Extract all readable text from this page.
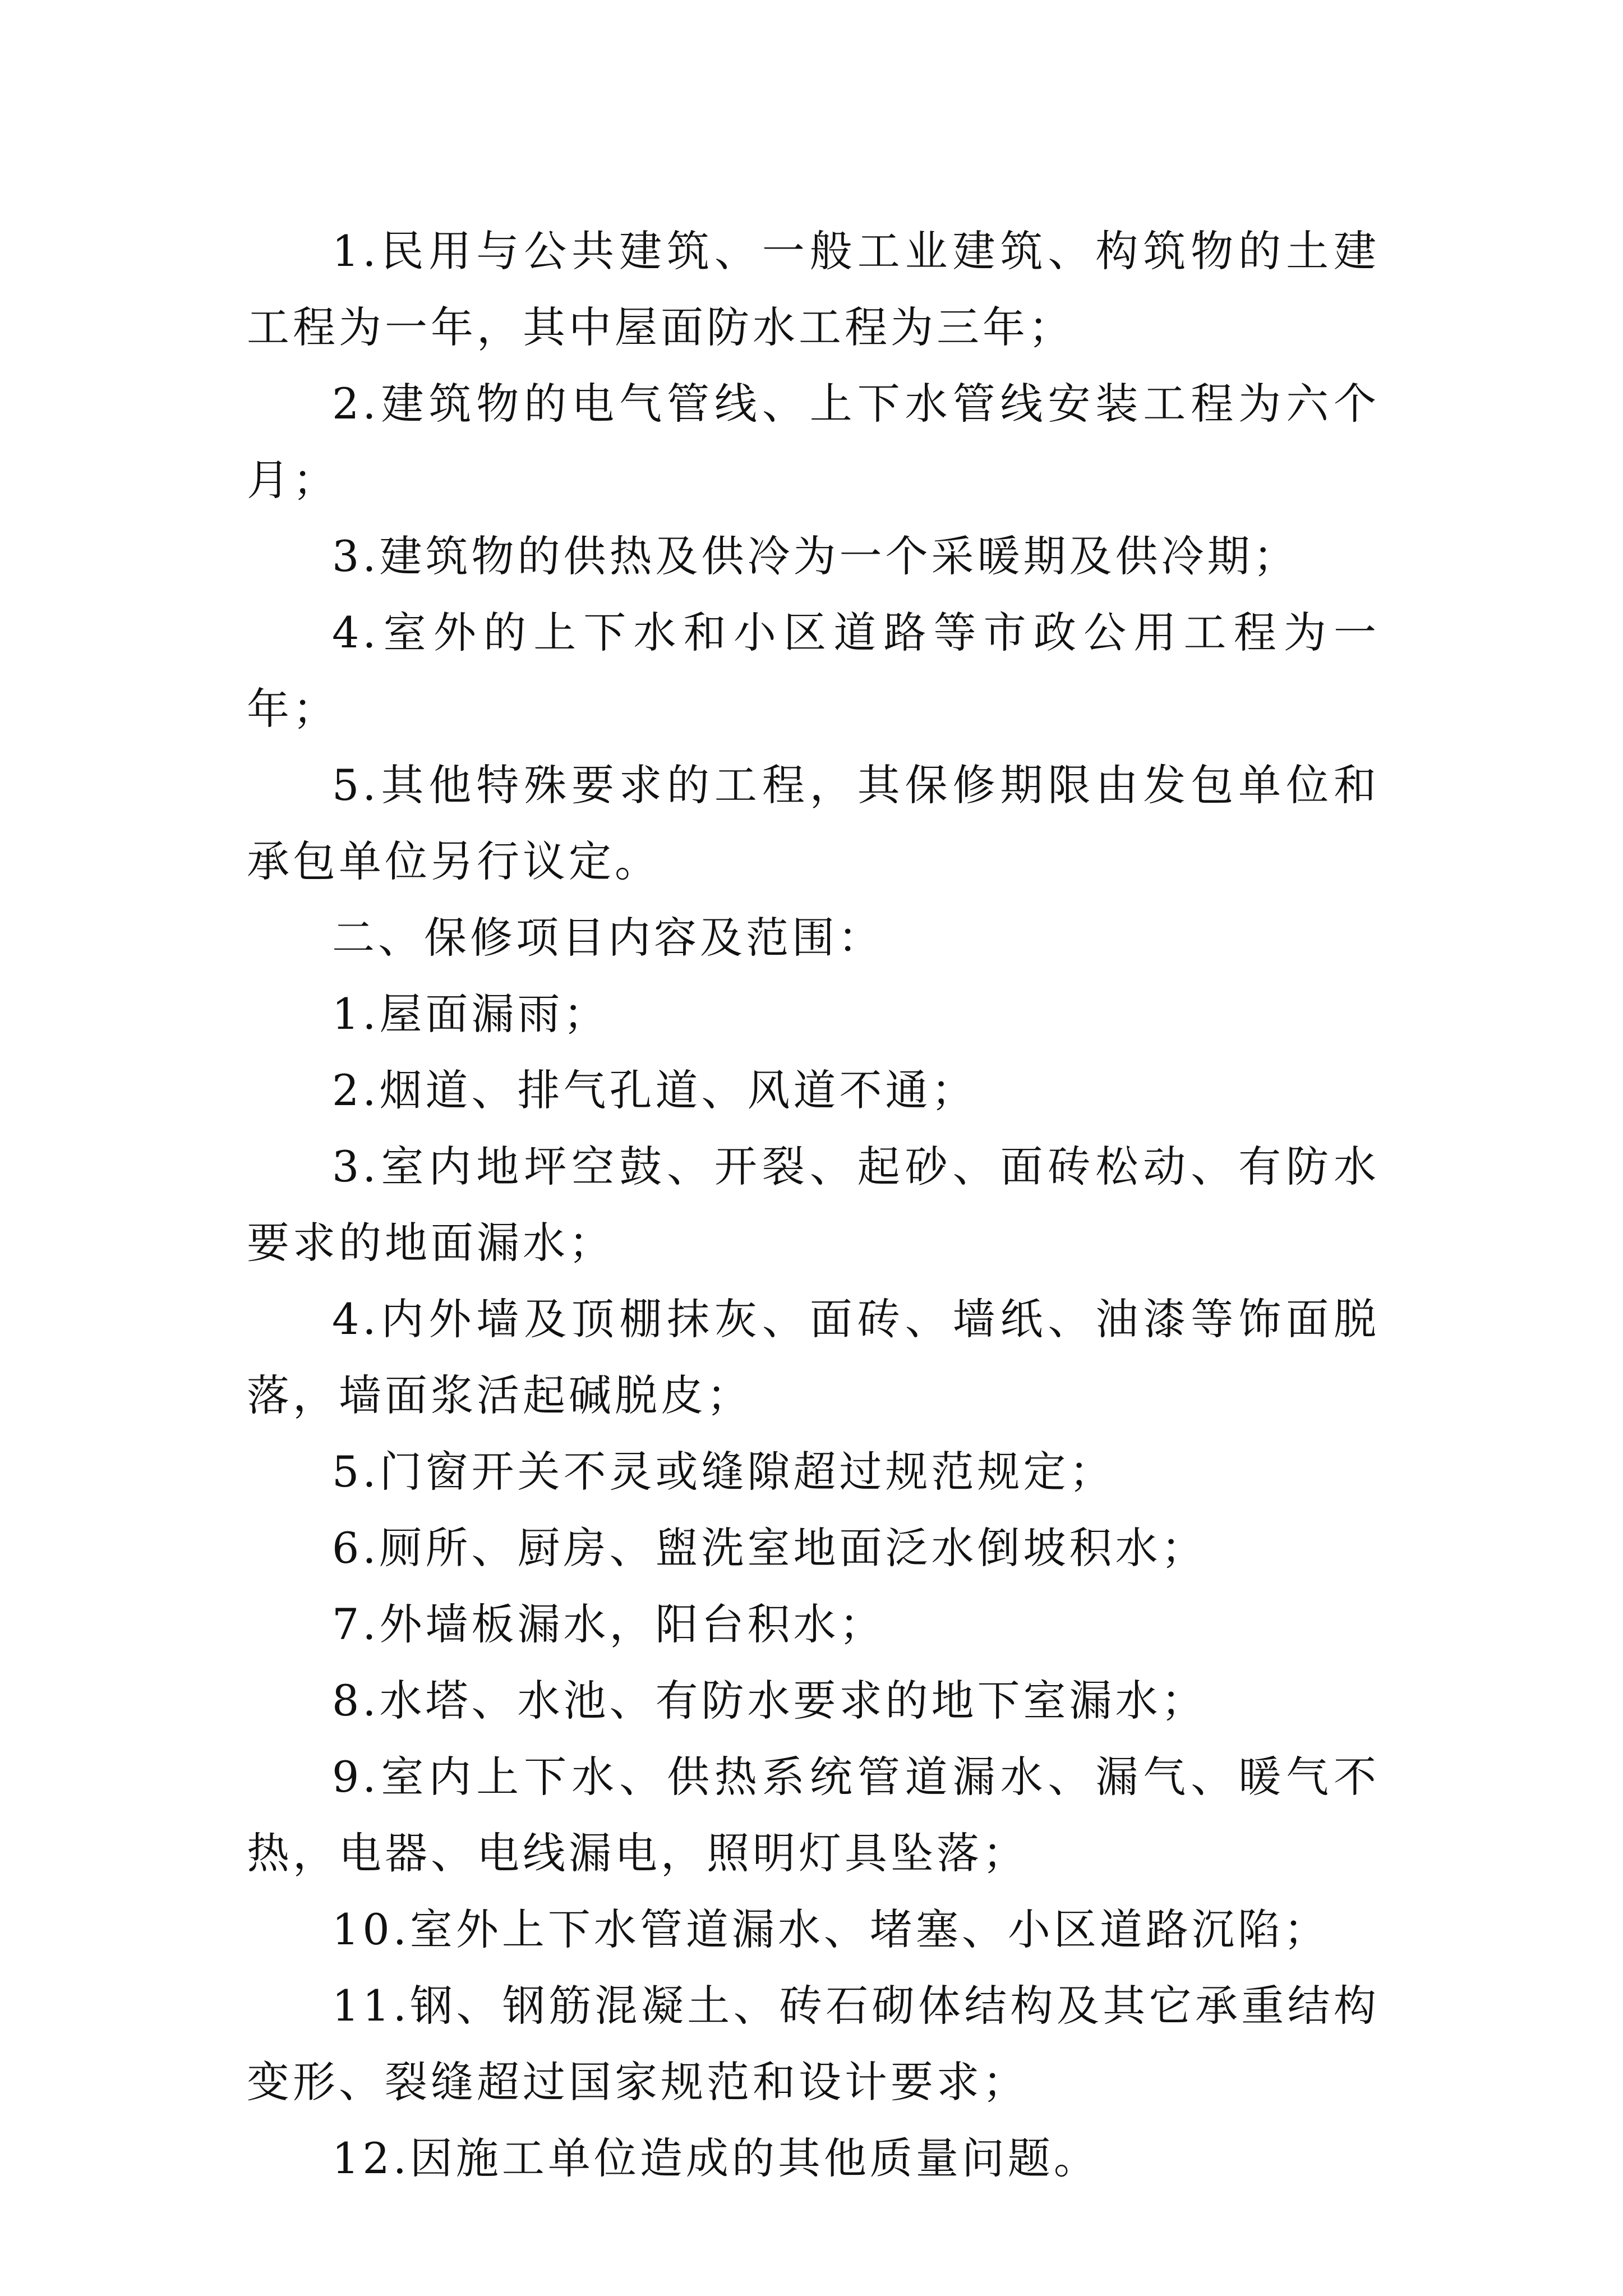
1.民用与公共建筑、一般工业建筑、构筑物的土建工程为一年，其中屋面防水工程为三年；

2.建筑物的电气管线、上下水管线安装工程为六个月；

3.建筑物的供热及供冷为一个采暖期及供冷期；

4.室外的上下水和小区道路等市政公用工程为一年；

5.其他特殊要求的工程，其保修期限由发包单位和承包单位另行议定。

二、保修项目内容及范围：

1.屋面漏雨；

2.烟道、排气孔道、风道不通；

3.室内地坪空鼓、开裂、起砂、面砖松动、有防水要求的地面漏水；

4.内外墙及顶棚抹灰、面砖、墙纸、油漆等饰面脱落，墙面浆活起碱脱皮；

5.门窗开关不灵或缝隙超过规范规定；

6.厕所、厨房、盥洗室地面泛水倒坡积水；

7.外墙板漏水，阳台积水；

8.水塔、水池、有防水要求的地下室漏水；

9.室内上下水、供热系统管道漏水、漏气、暖气不热，电器、电线漏电，照明灯具坠落；

10.室外上下水管道漏水、堵塞、小区道路沉陷；

11.钢、钢筋混凝土、砖石砌体结构及其它承重结构变形、裂缝超过国家规范和设计要求；

12.因施工单位造成的其他质量问题。
